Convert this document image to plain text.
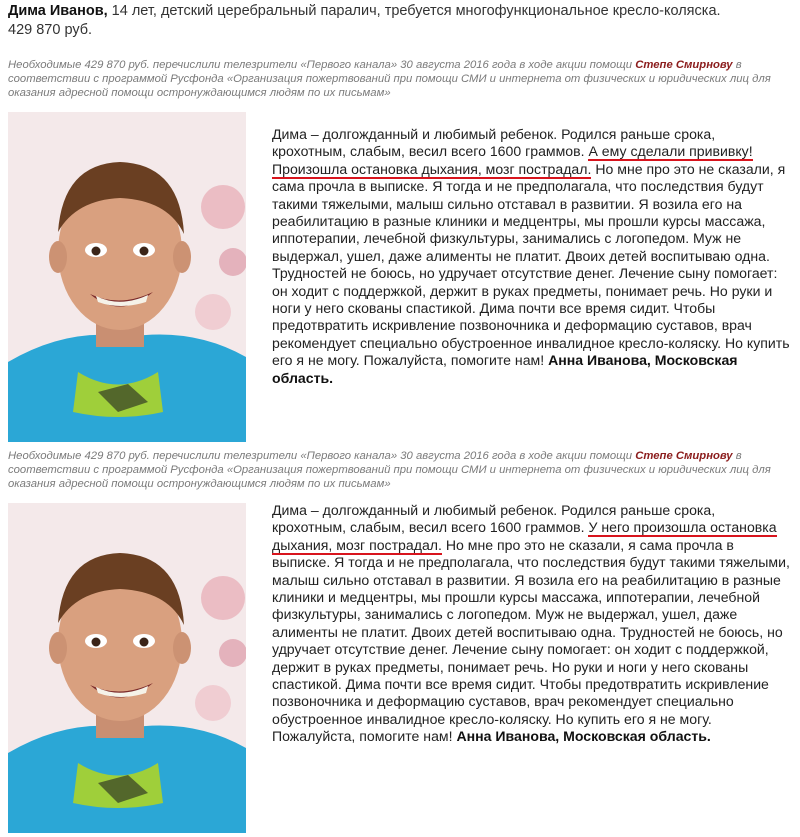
Дима Иванов, 14 лет, детский церебральный паралич, требуется многофункциональное кресло-коляска.
429 870 руб.
Необходимые 429 870 руб. перечислили телезрители «Первого канала» 30 августа 2016 года в ходе акции помощи Степе Смирнову в соответствии с программой Русфонда «Организация пожертвований при помощи СМИ и интернета от физических и юридических лиц для оказания адресной помощи остронуждающимся людям по их письмам»
Дима – долгожданный и любимый ребенок. Родился раньше срока, крохотным, слабым, весил всего 1600 граммов. А ему сделали прививку! Произошла остановка дыхания, мозг пострадал. Но мне про это не сказали, я сама прочла в выписке. Я тогда и не предполагала, что последствия будут такими тяжелыми, малыш сильно отставал в развитии. Я возила его на реабилитацию в разные клиники и медцентры, мы прошли курсы массажа, иппотерапии, лечебной физкультуры, занимались с логопедом. Муж не выдержал, ушел, даже алименты не платит. Двоих детей воспитываю одна. Трудностей не боюсь, но удручает отсутствие денег. Лечение сыну помогает: он ходит с поддержкой, держит в руках предметы, понимает речь. Но руки и ноги у него скованы спастикой. Дима почти все время сидит. Чтобы предотвратить искривление позвоночника и деформацию суставов, врач рекомендует специально обустроенное инвалидное кресло-коляску. Но купить его я не могу. Пожалуйста, помогите нам! Анна Иванова, Московская область.
Необходимые 429 870 руб. перечислили телезрители «Первого канала» 30 августа 2016 года в ходе акции помощи Степе Смирнову в соответствии с программой Русфонда «Организация пожертвований при помощи СМИ и интернета от физических и юридических лиц для оказания адресной помощи остронуждающимся людям по их письмам»
Дима – долгожданный и любимый ребенок. Родился раньше срока, крохотным, слабым, весил всего 1600 граммов. У него произошла остановка дыхания, мозг пострадал. Но мне про это не сказали, я сама прочла в выписке. Я тогда и не предполагала, что последствия будут такими тяжелыми, малыш сильно отставал в развитии. Я возила его на реабилитацию в разные клиники и медцентры, мы прошли курсы массажа, иппотерапии, лечебной физкультуры, занимались с логопедом. Муж не выдержал, ушел, даже алименты не платит. Двоих детей воспитываю одна. Трудностей не боюсь, но удручает отсутствие денег. Лечение сыну помогает: он ходит с поддержкой, держит в руках предметы, понимает речь. Но руки и ноги у него скованы спастикой. Дима почти все время сидит. Чтобы предотвратить искривление позвоночника и деформацию суставов, врач рекомендует специально обустроенное инвалидное кресло-коляску. Но купить его я не могу. Пожалуйста, помогите нам! Анна Иванова, Московская область.
